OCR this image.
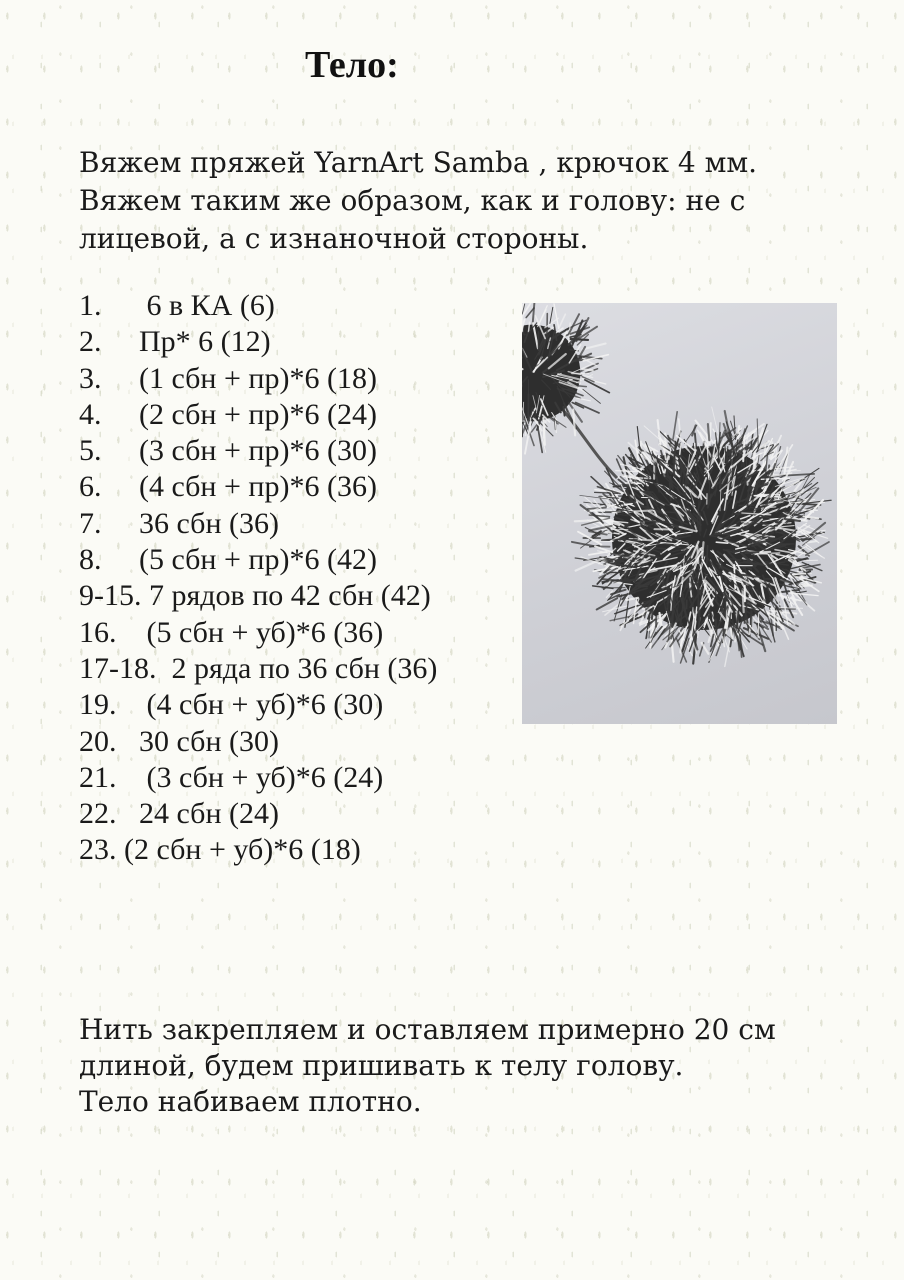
Тело:

Вяжем пряжей YarnArt Samba , крючок 4 мм.

Вяжем таким же образом, как и голову: не с

лицевой, а с изнаночной стороны.

1.      6 в КА (6)
2.     Пр* 6 (12)
3.     (1 сбн + пр)*6 (18)
4.     (2 сбн + пр)*6 (24)
5.     (3 сбн + пр)*6 (30)
6.     (4 сбн + пр)*6 (36)
7.     36 сбн (36)
8.     (5 сбн + пр)*6 (42)
9-15. 7 рядов по 42 сбн (42)
16.    (5 сбн + уб)*6 (36)
17-18.  2 ряда по 36 сбн (36)
19.    (4 сбн + уб)*6 (30)
20.   30 сбн (30)
21.    (3 сбн + уб)*6 (24)
22.   24 сбн (24)
23. (2 сбн + уб)*6 (18)

Нить закрепляем и оставляем примерно 20 см

длиной, будем пришивать к телу голову.

Тело набиваем плотно.
